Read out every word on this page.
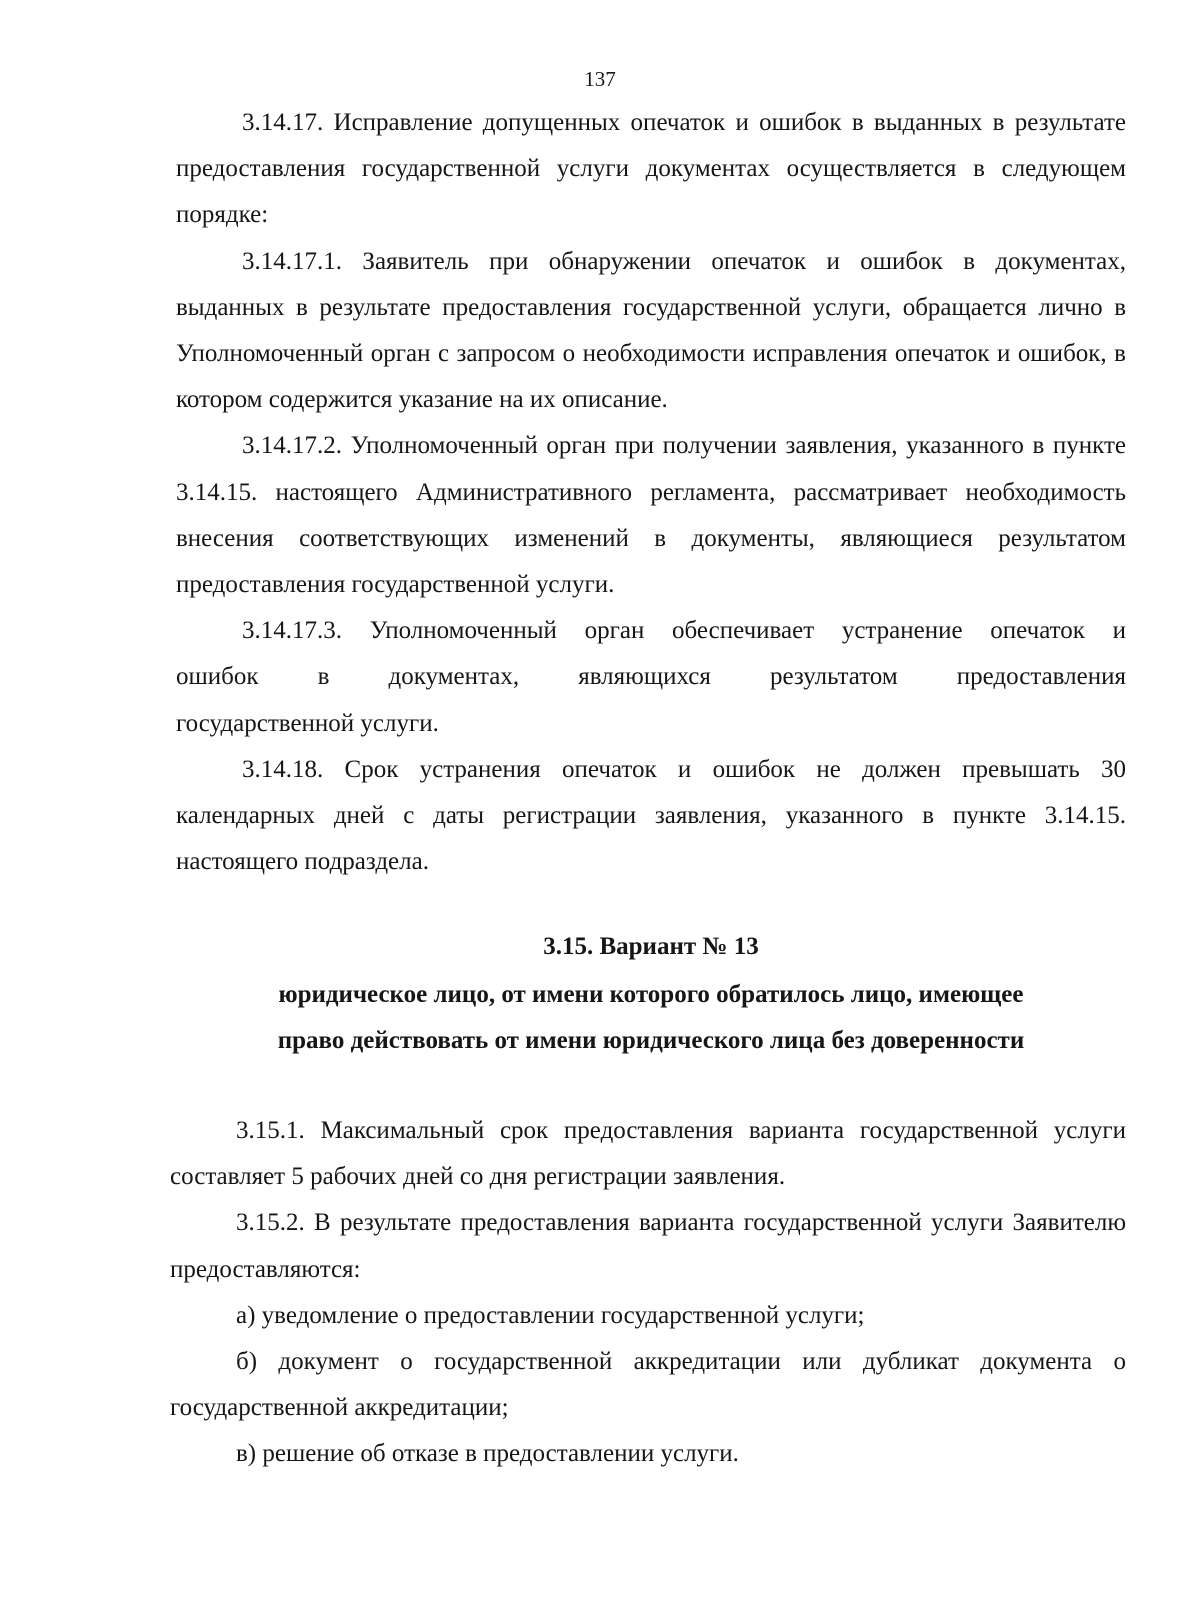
137

3.14.17. Исправление допущенных опечаток и ошибок в выданных в результате предоставления государственной услуги документах осуществляется в следующем порядке:

3.14.17.1. Заявитель при обнаружении опечаток и ошибок в документах, выданных в результате предоставления государственной услуги, обращается лично в Уполномоченный орган с запросом о необходимости исправления опечаток и ошибок, в котором содержится указание на их описание.

3.14.17.2. Уполномоченный орган при получении заявления, указанного в пункте 3.14.15. настоящего Административного регламента, рассматривает необходимость внесения соответствующих изменений в документы, являющиеся результатом предоставления государственной услуги.

3.14.17.3. Уполномоченный орган обеспечивает устранение опечаток и
ошибок в документах, являющихся результатом предоставления
государственной услуги.

3.14.18. Срок устранения опечаток и ошибок не должен превышать 30 календарных дней с даты регистрации заявления, указанного в пункте 3.14.15. настоящего подраздела.

3.15. Вариант № 13
юридическое лицо, от имени которого обратилось лицо, имеющее
право действовать от имени юридического лица без доверенности

3.15.1. Максимальный срок предоставления варианта государственной услуги составляет 5 рабочих дней со дня регистрации заявления.

3.15.2. В результате предоставления варианта государственной услуги Заявителю предоставляются:

а) уведомление о предоставлении государственной услуги;

б) документ о государственной аккредитации или дубликат документа о государственной аккредитации;

в) решение об отказе в предоставлении услуги.
